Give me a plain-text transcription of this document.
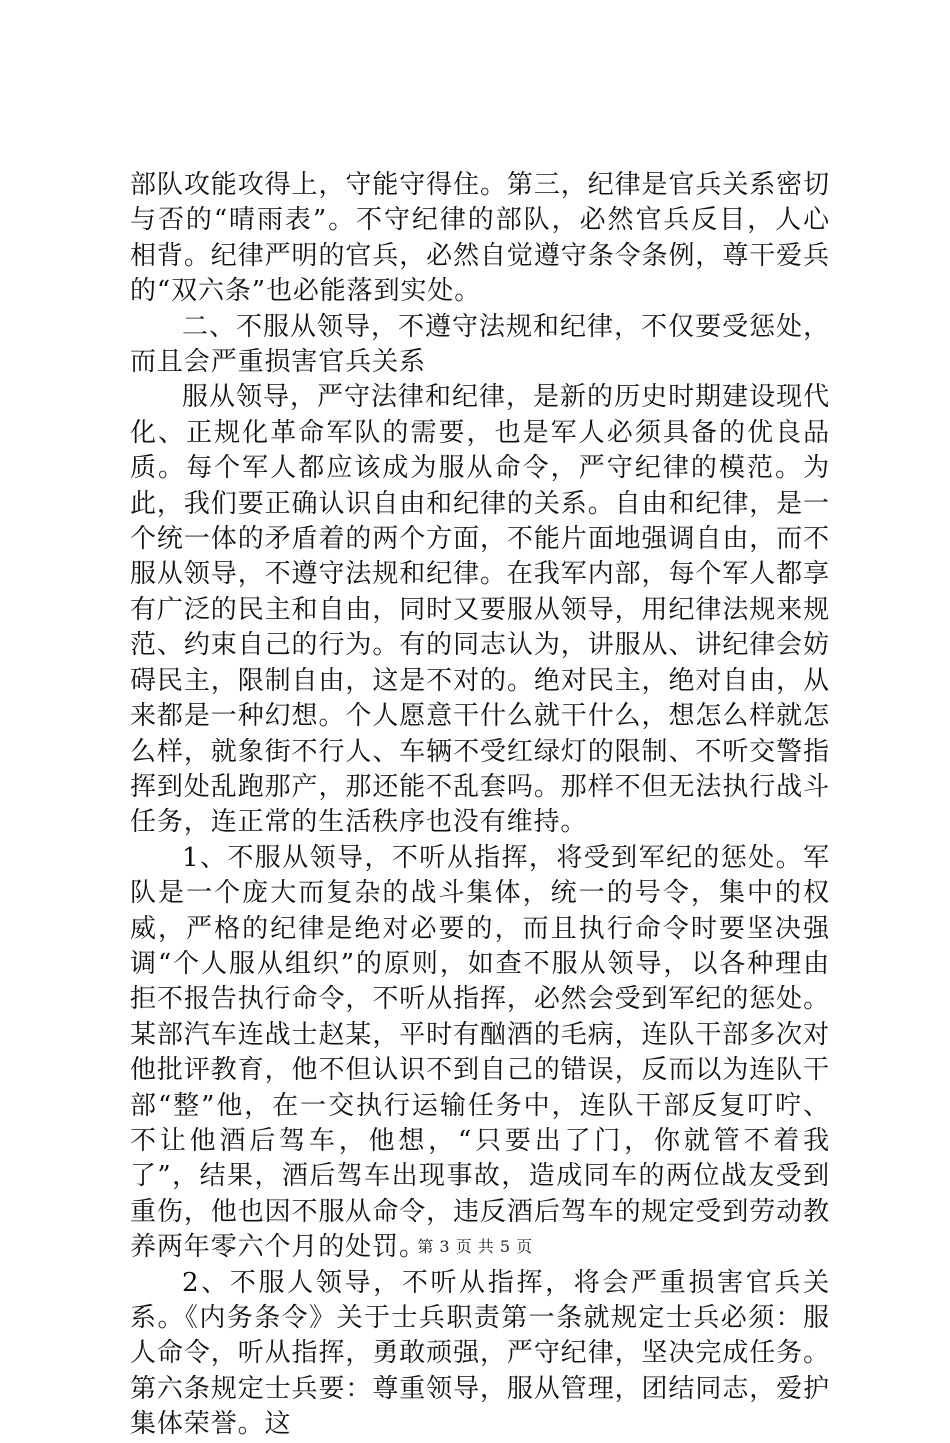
部队攻能攻得上，守能守得住。第三，纪律是官兵关系密切与否的“晴雨表”。不守纪律的部队，必然官兵反目，人心相背。纪律严明的官兵，必然自觉遵守条令条例，尊干爱兵的“双六条”也必能落到实处。

二、不服从领导，不遵守法规和纪律，不仅要受惩处，而且会严重损害官兵关系

服从领导，严守法律和纪律，是新的历史时期建设现代化、正规化革命军队的需要，也是军人必须具备的优良品质。每个军人都应该成为服从命令，严守纪律的模范。为此，我们要正确认识自由和纪律的关系。自由和纪律，是一个统一体的矛盾着的两个方面，不能片面地强调自由，而不服从领导，不遵守法规和纪律。在我军内部，每个军人都享有广泛的民主和自由，同时又要服从领导，用纪律法规来规范、约束自己的行为。有的同志认为，讲服从、讲纪律会妨碍民主，限制自由，这是不对的。绝对民主，绝对自由，从来都是一种幻想。个人愿意干什么就干什么，想怎么样就怎么样，就象街不行人、车辆不受红绿灯的限制、不听交警指挥到处乱跑那产，那还能不乱套吗。那样不但无法执行战斗任务，连正常的生活秩序也没有维持。

1、不服从领导，不听从指挥，将受到军纪的惩处。军队是一个庞大而复杂的战斗集体，统一的号令，集中的权威，严格的纪律是绝对必要的，而且执行命令时要坚决强调“个人服从组织”的原则，如查不服从领导，以各种理由拒不报告执行命令，不听从指挥，必然会受到军纪的惩处。某部汽车连战士赵某，平时有酗酒的毛病，连队干部多次对他批评教育，他不但认识不到自己的错误，反而以为连队干部“整”他，在一交执行运输任务中，连队干部反复叮咛、不让他酒后驾车，他想，“只要出了门，你就管不着我了”，结果，酒后驾车出现事故，造成同车的两位战友受到重伤，他也因不服从命令，违反酒后驾车的规定受到劳动教养两年零六个月的处罚。

2、不服人领导，不听从指挥，将会严重损害官兵关系。《内务条令》关于士兵职责第一条就规定士兵必须：服人命令，听从指挥，勇敢顽强，严守纪律，坚决完成任务。第六条规定士兵要：尊重领导，服从管理，团结同志，爱护集体荣誉。这

第 3 页 共 5 页
